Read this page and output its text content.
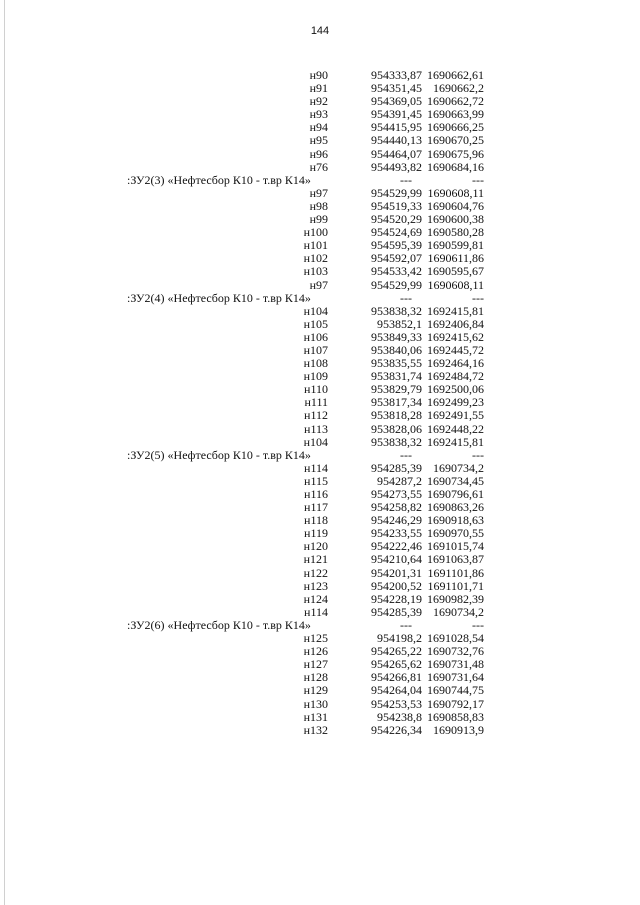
144
н90	954333,87 1690662,61
н91	954351,45 1690662,2
н92	954369,05 1690662,72
н93	954391,45 1690663,99
н94	954415,95 1690666,25
н95	954440,13 1690670,25
н96	954464,07 1690675,96
н76	954493,82 1690684,16
:ЗУ2(3) «Нефтесбор К10 - т.вр К14»	---	---
н97	954529,99 1690608,11
н98	954519,33 1690604,76
н99	954520,29 1690600,38
н100	954524,69 1690580,28
н101	954595,39 1690599,81
н102	954592,07 1690611,86
н103	954533,42 1690595,67
н97	954529,99 1690608,11
:ЗУ2(4) «Нефтесбор К10 - т.вр К14»	---	---
н104	953838,32 1692415,81
н105	953852,1 1692406,84
н106	953849,33 1692415,62
н107	953840,06 1692445,72
н108	953835,55 1692464,16
н109	953831,74 1692484,72
н110	953829,79 1692500,06
н111	953817,34 1692499,23
н112	953818,28 1692491,55
н113	953828,06 1692448,22
н104	953838,32 1692415,81
:ЗУ2(5) «Нефтесбор К10 - т.вр К14»	---	---
н114	954285,39 1690734,2
н115	954287,2 1690734,45
н116	954273,55 1690796,61
н117	954258,82 1690863,26
н118	954246,29 1690918,63
н119	954233,55 1690970,55
н120	954222,46 1691015,74
н121	954210,64 1691063,87
н122	954201,31 1691101,86
н123	954200,52 1691101,71
н124	954228,19 1690982,39
н114	954285,39 1690734,2
:ЗУ2(6) «Нефтесбор К10 - т.вр К14»	---	---
н125	954198,2 1691028,54
н126	954265,22 1690732,76
н127	954265,62 1690731,48
н128	954266,81 1690731,64
н129	954264,04 1690744,75
н130	954253,53 1690792,17
н131	954238,8 1690858,83
н132	954226,34 1690913,9
